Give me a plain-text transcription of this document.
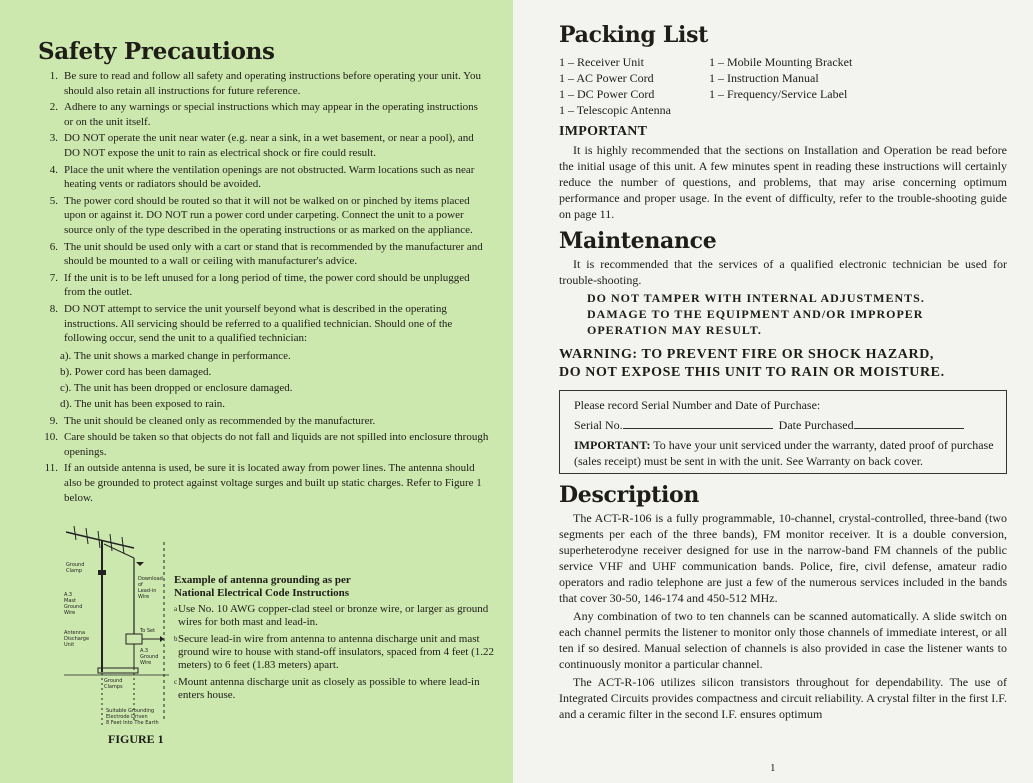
Safety Precautions
1. Be sure to read and follow all safety and operating instructions before operating your unit. You should also retain all instructions for future reference.
2. Adhere to any warnings or special instructions which may appear in the operating instructions or on the unit itself.
3. DO NOT operate the unit near water (e.g. near a sink, in a wet basement, or near a pool), and DO NOT expose the unit to rain as electrical shock or fire could result.
4. Place the unit where the ventilation openings are not obstructed. Warm locations such as near heating vents or radiators should be avoided.
5. The power cord should be routed so that it will not be walked on or pinched by items placed upon or against it. DO NOT run a power cord under carpeting. Connect the unit to a power source only of the type described in the operating instructions or as marked on the appliance.
6. The unit should be used only with a cart or stand that is recommended by the manufacturer and should be mounted to a wall or ceiling with manufacturer's advice.
7. If the unit is to be left unused for a long period of time, the power cord should be unplugged from the outlet.
8. DO NOT attempt to service the unit yourself beyond what is described in the operating instructions. All servicing should be referred to a qualified technician. Should one of the following occur, send the unit to a qualified technician:
a). The unit shows a marked change in performance.
b). Power cord has been damaged.
c). The unit has been dropped or enclosure damaged.
d). The unit has been exposed to rain.
9. The unit should be cleaned only as recommended by the manufacturer.
10. Care should be taken so that objects do not fall and liquids are not spilled into enclosure through openings.
11. If an outside antenna is used, be sure it is located away from power lines. The antenna should also be grounded to protect against voltage surges and built up static charges. Refer to Figure 1 below.
Ground
Clamp
A.3
Mast
Ground
Wire
Download
of
Lead-in
Wire
Antenna
Discharge
Unit
To Set
A.3
Ground
Wire
Ground
Clamps
Suitable Grounding
Electrode Driven
8 Feet Into The Earth
Example of antenna grounding as per
National Electrical Code Instructions
a Use No. 10 AWG copper-clad steel or bronze wire, or larger as ground wires for both mast and lead-in.
b Secure lead-in wire from antenna to antenna discharge unit and mast ground wire to house with stand-off insulators, spaced from 4 feet (1.22 meters) to 6 feet (1.83 meters) apart.
c Mount antenna discharge unit as closely as possible to where lead-in enters house.
FIGURE 1
Packing List
1 – Receiver Unit
1 – AC Power Cord
1 – DC Power Cord
1 – Telescopic Antenna
1 – Mobile Mounting Bracket
1 – Instruction Manual
1 – Frequency/Service Label
IMPORTANT

It is highly recommended that the sections on Installation and Operation be read before the initial usage of this unit. A few minutes spent in reading these instructions will certainly reduce the number of questions, and problems, that may arise concerning optimum performance and proper usage. In the event of difficulty, refer to the trouble-shooting guide on page 11.

Maintenance

It is recommended that the services of a qualified electronic technician be used for trouble-shooting.

DO NOT TAMPER WITH INTERNAL ADJUSTMENTS.
DAMAGE TO THE EQUIPMENT AND/OR IMPROPER
OPERATION MAY RESULT.
WARNING: TO PREVENT FIRE OR SHOCK HAZARD,
DO NOT EXPOSE THIS UNIT TO RAIN OR MOISTURE.
Please record Serial Number and Date of Purchase:
Serial No.	Date Purchased
IMPORTANT: To have your unit serviced under the warranty, dated proof of purchase (sales receipt) must be sent in with the unit. See Warranty on back cover.
Description

The ACT-R-106 is a fully programmable, 10-channel, crystal-controlled, three-band (two segments per each of the three bands), FM monitor receiver. It is a double conversion, superheterodyne receiver designed for use in the narrow-band FM channels of the public service VHF and UHF communication bands. Police, fire, civil defense, amateur radio operators and radio telephone are just a few of the numerous services included in the bands that cover 30-50, 146-174 and 450-512 MHz.

Any combination of two to ten channels can be scanned automatically. A slide switch on each channel permits the listener to monitor only those channels of immediate interest, or all ten if so desired. Manual selection of channels is also provided in case the listener wants to continuously monitor a particular channel.

The ACT-R-106 utilizes silicon transistors throughout for dependability. The use of Integrated Circuits provides compactness and circuit reliability. A crystal filter in the first I.F. and a ceramic filter in the second I.F. ensures optimum

1
